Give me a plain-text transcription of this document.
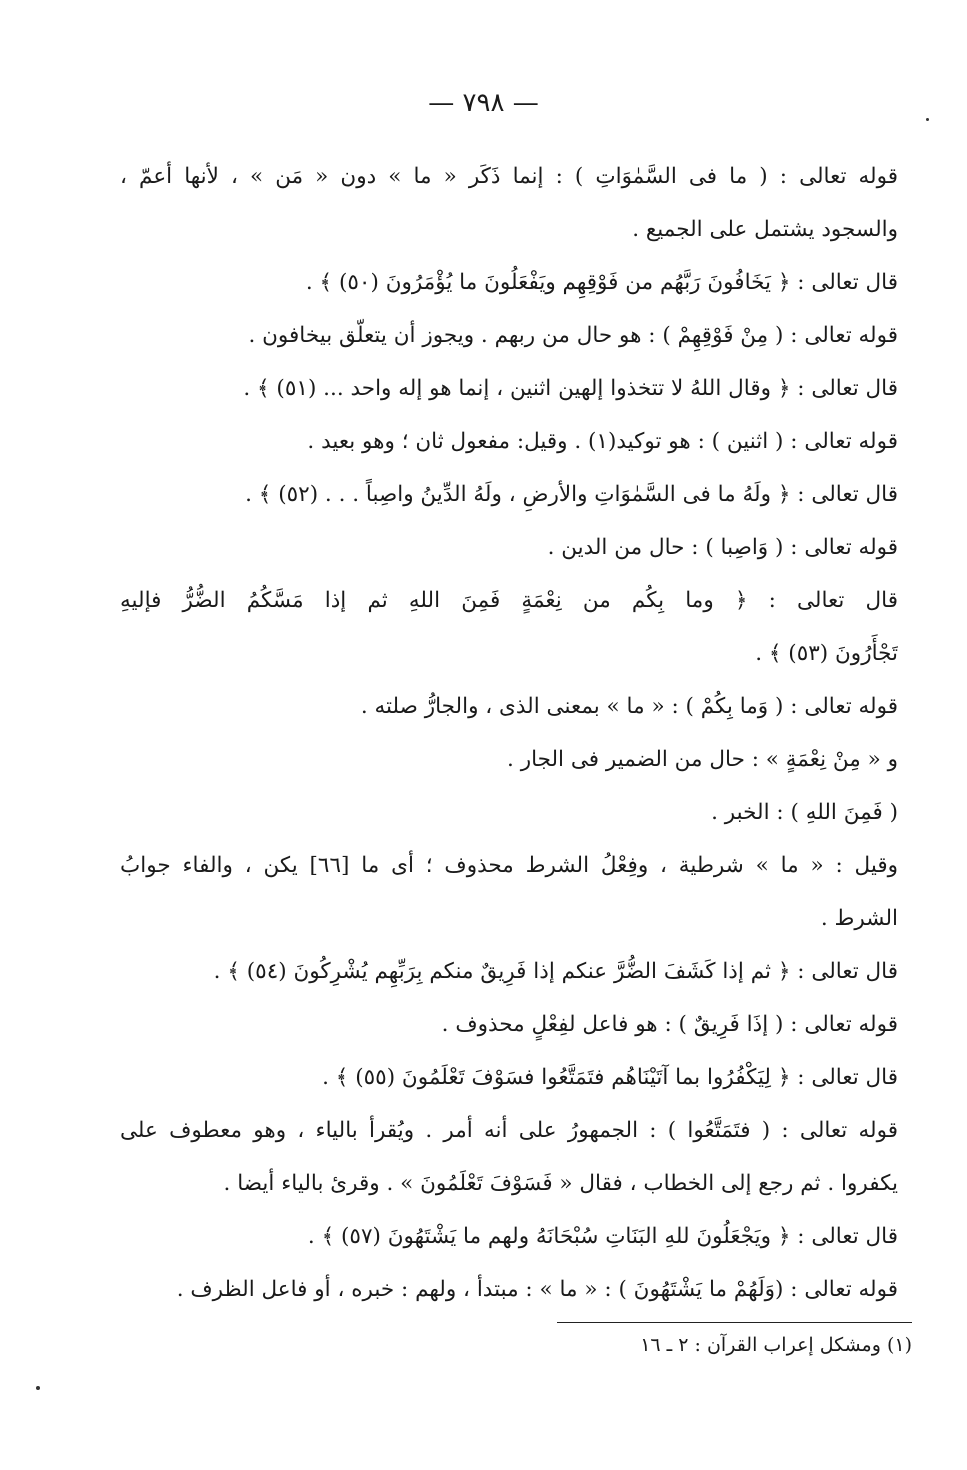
— ٧٩٨ —
قوله تعالى : ( ما فى السَّمٰوَاتِ ) : إنما ذَكَر « ما » دون « مَن » ، لأنها أعمّ ،
والسجود يشتمل على الجميع .
قال تعالى : ﴿ يَخَافُونَ رَبَّهُم من فَوْقِهِم ويَفْعَلُونَ ما يُؤْمَرُونَ (٥٠) ﴾ .
قوله تعالى : ( مِنْ فَوْقِهِمْ ) : هو حال من ربهم . ويجوز أن يتعلّق بيخافون .
قال تعالى : ﴿ وقال اللهُ لا تتخذوا إلهين اثنين ، إنما هو إله واحد ... (٥١) ﴾ .
قوله تعالى : ( اثنين ) : هو توكيد(١) . وقيل: مفعول ثان ؛ وهو بعيد .
قال تعالى : ﴿ ولَهُ ما فى السَّمٰوَاتِ والأرضِ ، ولَهُ الدِّينُ واصِباً . . . (٥٢) ﴾ .
قوله تعالى : ( وَاصِبا ) : حال من الدين .
قال تعالى : ﴿ وما بِكُم من نِعْمَةٍ فَمِنَ اللهِ ثم إذا مَسَّكُمُ الضُّرُّ فإليهِ
تَجْأَرُونَ (٥٣) ﴾ .
قوله تعالى : ( وَما بِكُمْ ) : « ما » بمعنى الذى ، والجارُّ صلته .
و « مِنْ نِعْمَةٍ » : حال من الضمير فى الجار .
( فَمِنَ اللهِ ) : الخبر .
وقيل : « ما » شرطية ، وفِعْلُ الشرط محذوف ؛ أى ما [٦٦] يكن ، والفاء جوابُ
الشرط .
قال تعالى : ﴿ ثم إذا كَشَفَ الضُّرَّ عنكم إذا فَرِيقٌ منكم بِرَبِّهِم يُشْرِكُونَ (٥٤) ﴾ .
قوله تعالى : ( إذَا فَرِيقٌ ) : هو فاعل لفِعْلٍ محذوف .
قال تعالى : ﴿ لِيَكْفُرُوا بما آتَيْنَاهُم فتَمَتَّعُوا فسَوْفَ تَعْلَمُونَ (٥٥) ﴾ .
قوله تعالى : ( فتَمَتَّعُوا ) : الجمهورُ على أنه أمر . ويُقرأ بالياء ، وهو معطوف على
يكفروا . ثم رجع إلى الخطاب ، فقال « فَسَوْفَ تَعْلَمُونَ » . وقرئ بالياء أيضا .
قال تعالى : ﴿ ويَجْعَلُونَ للهِ البَنَاتِ سُبْحَانَهُ ولهم ما يَشْتَهُونَ (٥٧) ﴾ .
قوله تعالى : (وَلَهُمْ ما يَشْتَهُونَ ) : « ما » : مبتدأ ، ولهم : خبره ، أو فاعل الظرف .
(١) ومشكل إعراب القرآن : ٢ ـ ١٦
